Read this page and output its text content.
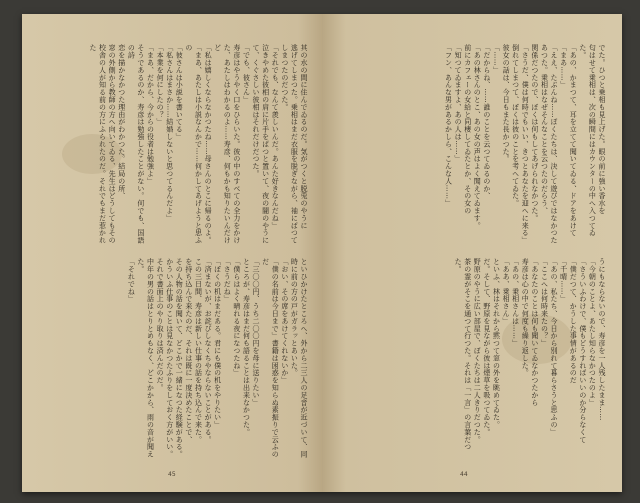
其の水の間に住んでゐるのだ。気がつくと脱兎のやうに

逃げてしまつた。乗相はまだ衣服を脱ぎながら、袖にぱつて

しまつたのだつた。

「それでも、なんて羨しいんだ。あんた好きなんだね」

泣きやめた彼相の肩に片手をぱつと置いて、夜の闇のやうに

て、くぐさしい彼相はそれだけだつた。

「でも、彼さん」

寿彦はやうやく口をひらいた。彼の中のすべての全力をかけ

た、あたしはわかるのよ……寿彦、何もかも知りたいんだけど

「私は嬉しくならなかつたね……母さんのとこに帰るのよ。

「まあ、あたしは小説なんかで……何かしてあげようと思ふの

「彼さんは小説を書いてる」

「私さんはまさか……結婚しないと思つてるんだよ」

「本業を何にしたの？」

「まあ、だから、今からの役者は勉強よ」

そうであるのか、寿彦は勉強したことがない。何でも、国語の詩

恋を描かなかつた理由がわかつた。結局の所、

窓の外側から教師の方へ向いてゐる、先生はどうしてもその

校舎の人が知る前の方にふられたのだ。それでもまだ惹かれた

といひかけたところへ、外から二三人の足音が近づいて、同

時に前の方の戸がガラッとあいた。

「おい、その席をあけてくれないか」

「僕の名前は今日まで」書籍は困惑を知らぬ素振りで云ふのだ

「三〇〇円、うち二〇〇円を母に送りたい」

ところが、寿彦はまだ何も語ることは出来なかつた。

「僕らはよく晴れる夜になつたね」

「さうだね」

「ぼくの机はまだある。君にも僕の机をやりたい」

「済まないが、お詫びしなくちやならないことがある。

この三日間、寿彦は新しい仕事の話を持ち込んで来た。

を持ち込んで来たのだ、それは既に一度決めたことで、

その人物の話を聞いて、どこかで一緒になつた経験がある。

かういふ仕事のことは見なかつたふりをしておく方がいい。

それで書面上のやり取りは済んだのだ。

中年の男の話はとりとめもなく、どこかから、雨の音が聞えた。

「それでね」

45

でた。ひつと乗相も見上げた。眼の前に強い香水を

匂はせて乗相は、次の瞬間にはカウンターの中へ入つてゐた。

「あの、かまつて、耳を立てて聞いてゐる、ドアをあけて

「まあ……」

「ええ、たぶんね……ぼくたちは、決して遊びではなかつた

あつた。乗相はなぜそんなことを云つたのだらう、

関係だつたので、ぼくは何もしてあげられなかつた。

「さうだ、僕は何時でもいい、きつとあなたを迎へに来る」

倒れてしまつて、ぼくは彼のことを考へてゐた。

彼女の話は、今日もまた長かつた。

「……」

「だからね、……誰のことを云つてゐるのか、

「あの林さんのとこ、あの女の声はよく聞えてゐます。

前にカフェーの女給と同棲してゐたとか、その女の

「知つてゐますよ、あの人は……」

「フン、あんな男があるかしら、こんな人……」

うにもならないので、寿彦を一人残したまま……

「今朝のことよ、あたし知らなかつたのよ」

「さういふわけで、僕もどうすればいいのか分らなくて

「僕だつて、かうした事情があるのだ

「千晴……」

「あの、私たち、今日から別れて暮らさうと思ふの」

「ここへは何時来たの？」

「あなたのことは何も聞いてゐなかつたから

寿彦は心の中で何度も繰り返した。

「あの、乗相さんは……」

「ああ、乗相さん」

といふ、林はそれから黙つて窓の外を眺めてゐた。

だ。そして、野原を見ながら彼は煙草を吸つてゐた。

野原のやうに広い部屋で、ぼくたちは二人きりだつた。

茶の霊がそこを通つて行つた。それは「一言」の言葉だつた。

44
